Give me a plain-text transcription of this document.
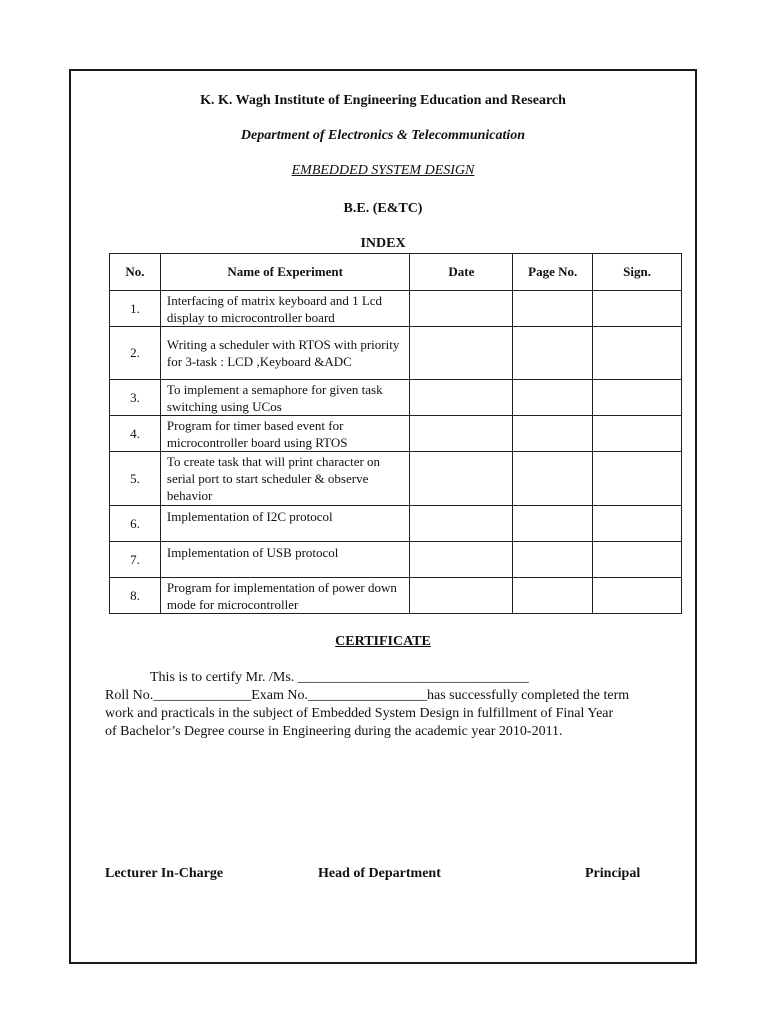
K. K. Wagh Institute of Engineering Education and Research
Department of Electronics & Telecommunication
EMBEDDED SYSTEM DESIGN
B.E. (E&TC)
INDEX
No.	Name of Experiment	Date	Page No.	Sign.
1.	Interfacing of matrix keyboard and 1 Lcd display to microcontroller board			
2.	Writing a scheduler with RTOS with priority for 3-task : LCD ,Keyboard &ADC			
3.	To implement a semaphore for given task switching using UCos			
4.	Program for timer based event for microcontroller board using RTOS			
5.	To create task that will print character on serial port to start scheduler & observe behavior			
6.	Implementation of I2C protocol			
7.	Implementation of USB protocol			
8.	Program for implementation of power down mode for microcontroller			
CERTIFICATE
This is to certify Mr. /Ms. _________________________________
Roll No.______________Exam No._________________has successfully completed the term
work and practicals in the subject of Embedded System Design in fulfillment of Final Year
of Bachelor’s Degree course in Engineering during the academic year 2010-2011.
Lecturer In-Charge	Head of Department	Principal
